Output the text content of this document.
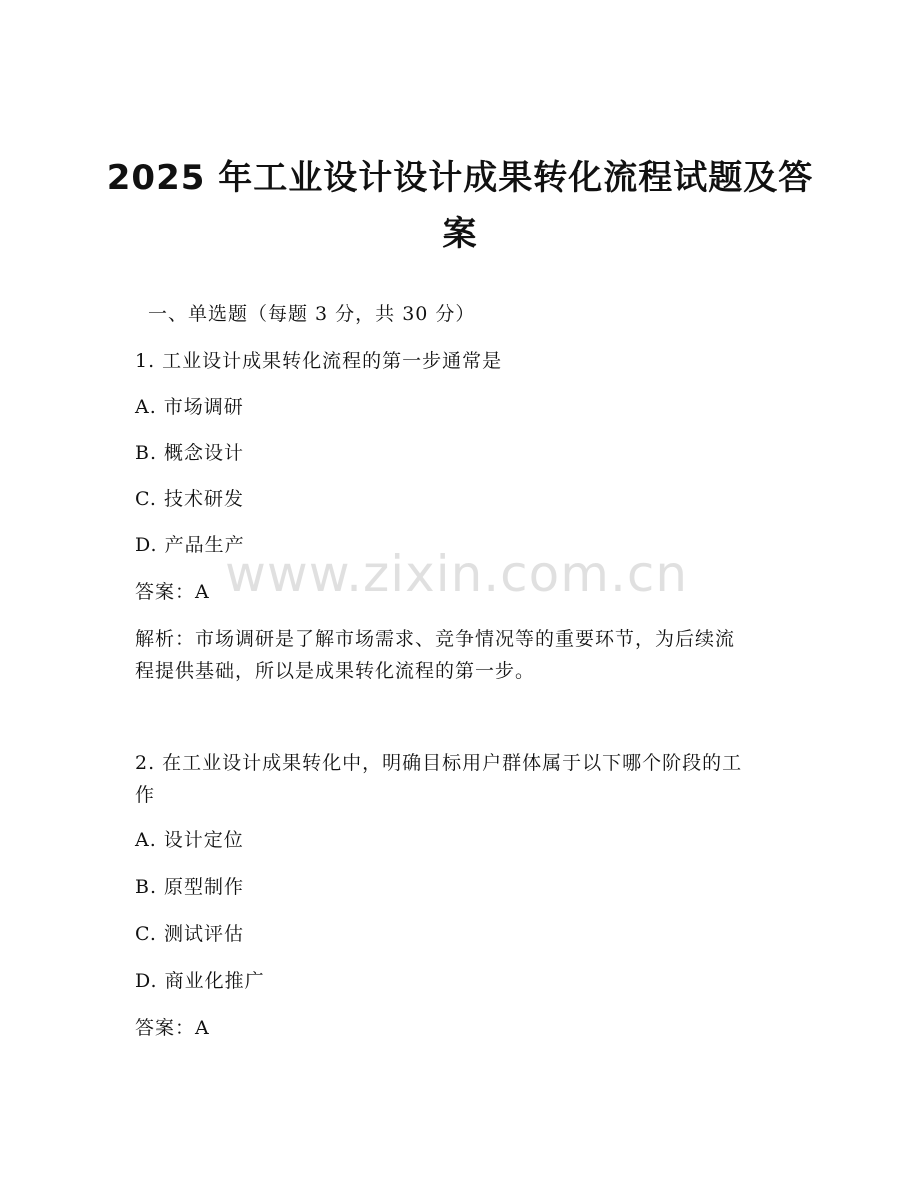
2025 年工业设计设计成果转化流程试题及答
案
一、单选题（每题 3 分，共 30 分）
1. 工业设计成果转化流程的第一步通常是
A. 市场调研
B. 概念设计
C. 技术研发
D. 产品生产
答案：A
解析：市场调研是了解市场需求、竞争情况等的重要环节，为后续流
程提供基础，所以是成果转化流程的第一步。
2. 在工业设计成果转化中，明确目标用户群体属于以下哪个阶段的工
作
A. 设计定位
B. 原型制作
C. 测试评估
D. 商业化推广
答案：A
www.zixin.com.cn
